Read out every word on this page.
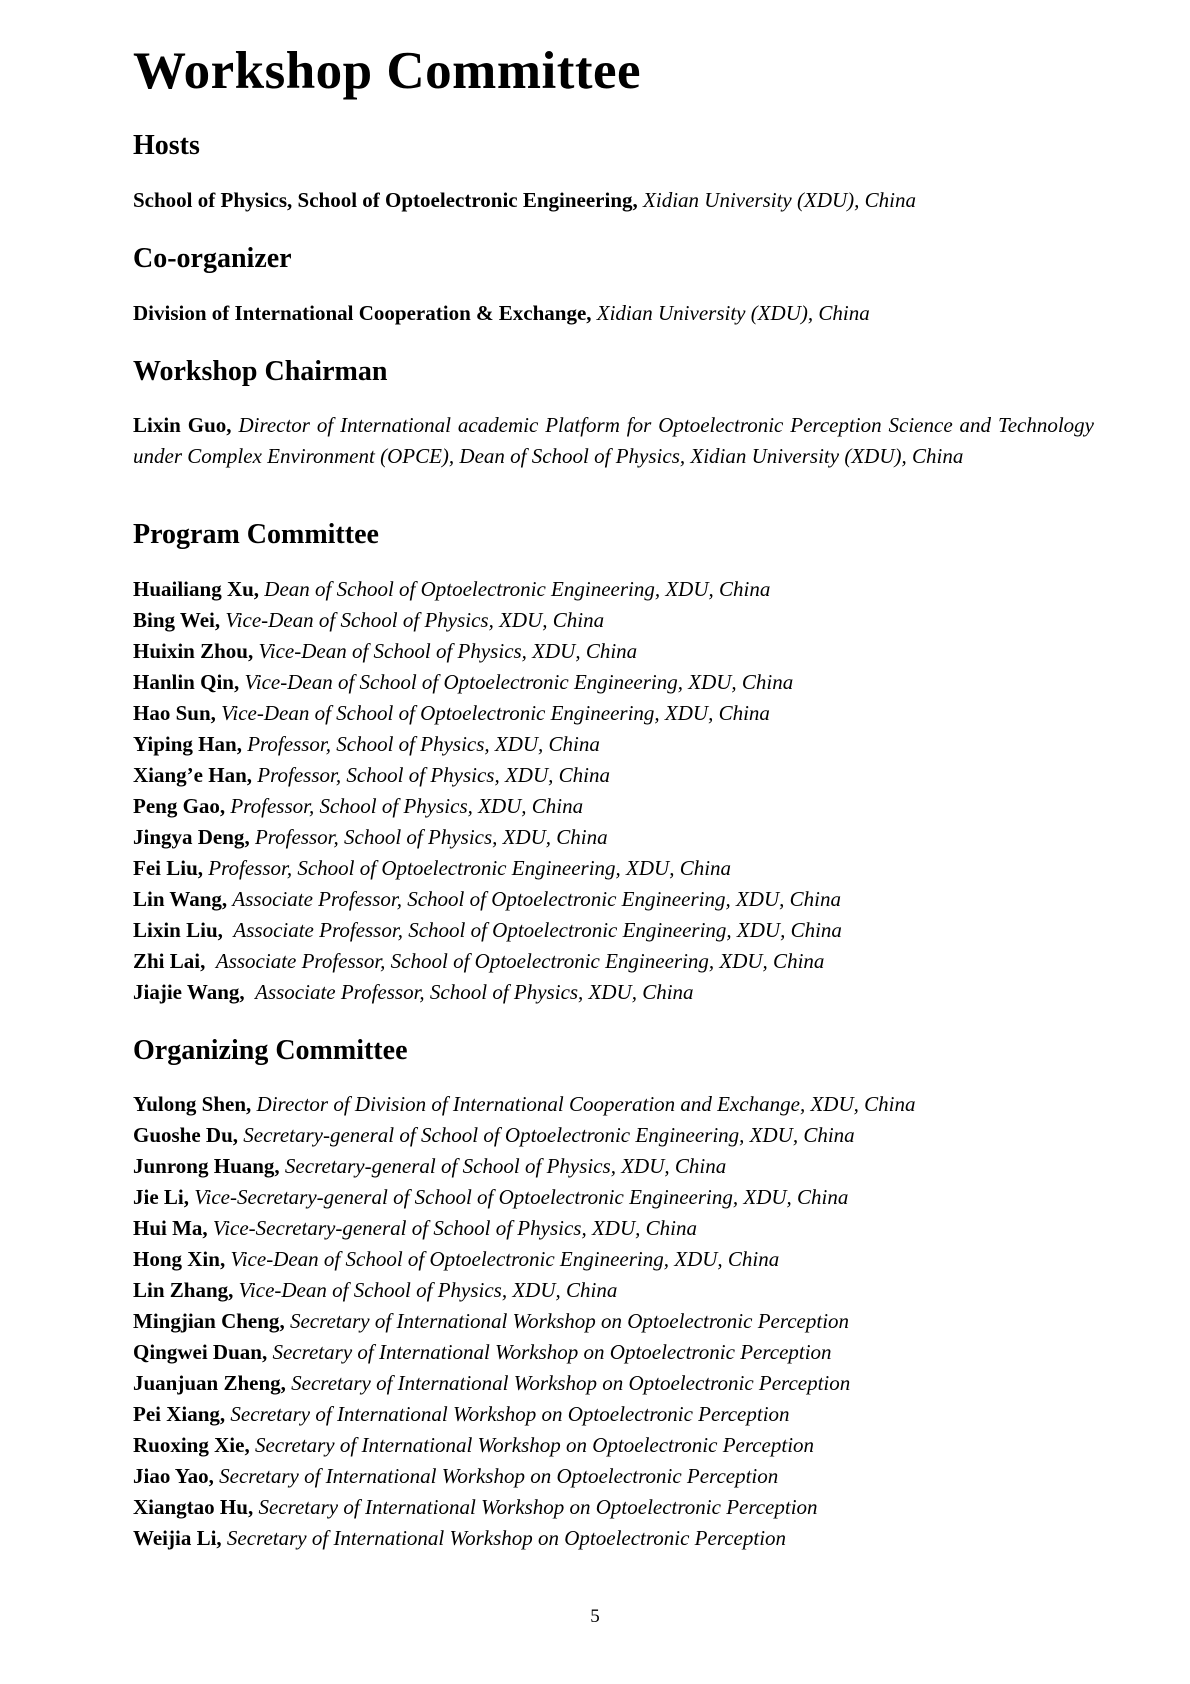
Workshop Committee
Hosts

School of Physics, School of Optoelectronic Engineering, Xidian University (XDU), China

Co-organizer

Division of International Cooperation & Exchange, Xidian University (XDU), China

Workshop Chairman

Lixin Guo, Director of International academic Platform for Optoelectronic Perception Science and Technology under Complex Environment (OPCE), Dean of School of Physics, Xidian University (XDU), China

Program Committee

Huailiang Xu, Dean of School of Optoelectronic Engineering, XDU, China

Bing Wei, Vice-Dean of School of Physics, XDU, China

Huixin Zhou, Vice-Dean of School of Physics, XDU, China

Hanlin Qin, Vice-Dean of School of Optoelectronic Engineering, XDU, China

Hao Sun, Vice-Dean of School of Optoelectronic Engineering, XDU, China

Yiping Han, Professor, School of Physics, XDU, China

Xiang’e Han, Professor, School of Physics, XDU, China

Peng Gao, Professor, School of Physics, XDU, China

Jingya Deng, Professor, School of Physics, XDU, China

Fei Liu, Professor, School of Optoelectronic Engineering, XDU, China

Lin Wang, Associate Professor, School of Optoelectronic Engineering, XDU, China

Lixin Liu,  Associate Professor, School of Optoelectronic Engineering, XDU, China

Zhi Lai,  Associate Professor, School of Optoelectronic Engineering, XDU, China

Jiajie Wang,  Associate Professor, School of Physics, XDU, China

Organizing Committee

Yulong Shen, Director of Division of International Cooperation and Exchange, XDU, China

Guoshe Du, Secretary-general of School of Optoelectronic Engineering, XDU, China

Junrong Huang, Secretary-general of School of Physics, XDU, China

Jie Li, Vice-Secretary-general of School of Optoelectronic Engineering, XDU, China

Hui Ma, Vice-Secretary-general of School of Physics, XDU, China

Hong Xin, Vice-Dean of School of Optoelectronic Engineering, XDU, China

Lin Zhang, Vice-Dean of School of Physics, XDU, China

Mingjian Cheng, Secretary of International Workshop on Optoelectronic Perception

Qingwei Duan, Secretary of International Workshop on Optoelectronic Perception

Juanjuan Zheng, Secretary of International Workshop on Optoelectronic Perception

Pei Xiang, Secretary of International Workshop on Optoelectronic Perception

Ruoxing Xie, Secretary of International Workshop on Optoelectronic Perception

Jiao Yao, Secretary of International Workshop on Optoelectronic Perception

Xiangtao Hu, Secretary of International Workshop on Optoelectronic Perception

Weijia Li, Secretary of International Workshop on Optoelectronic Perception

5
